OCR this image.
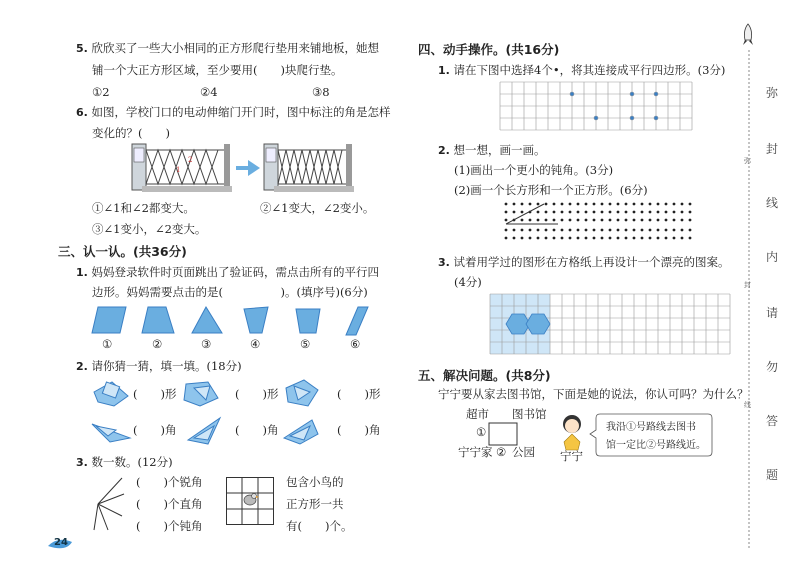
5. 欣欣买了一些大小相同的正方形爬行垫用来铺地板，她想
铺一个大正方形区域，至少要用(　　)块爬行垫。
①2	②4	③8
6. 如图，学校门口的电动伸缩门开门时，图中标注的角是怎样
变化的？(　　)
1
2
①∠1和∠2都变大。	②∠1变大，∠2变小。
③∠1变小，∠2变大。
三、认一认。(共36分)
1. 妈妈登录软件时页面跳出了验证码，需点击所有的平行四
边形。妈妈需要点击的是(　　　　　)。(填序号)(6分)
①	②	③	④	⑤	⑥
2. 请你猜一猜，填一填。(18分)
(　　)形	(　　)形	(　　)形
(　　)角	(　　)角	(　　)角
3. 数一数。(12分)
(　　)个锐角
(　　)个直角
(　　)个钝角
包含小鸟的
正方形一共
有(　　)个。
24
四、动手操作。(共16分)
1. 请在下图中选择4个•，将其连接成平行四边形。(3分)
2. 想一想，画一画。
(1)画出一个更小的钝角。(3分)
(2)画一个长方形和一个正方形。(6分)
3. 试着用学过的图形在方格纸上再设计一个漂亮的图案。
(4分)
五、解决问题。(共8分)
宁宁要从家去图书馆，下面是她的说法，你认可吗？为什么？
超市 图书馆
①
②
宁宁家 公园 宁宁
我沿①号路线去图书
馆一定比②号路线近。
弥
封
线
内
请
勿
答
题
弥
封
线
